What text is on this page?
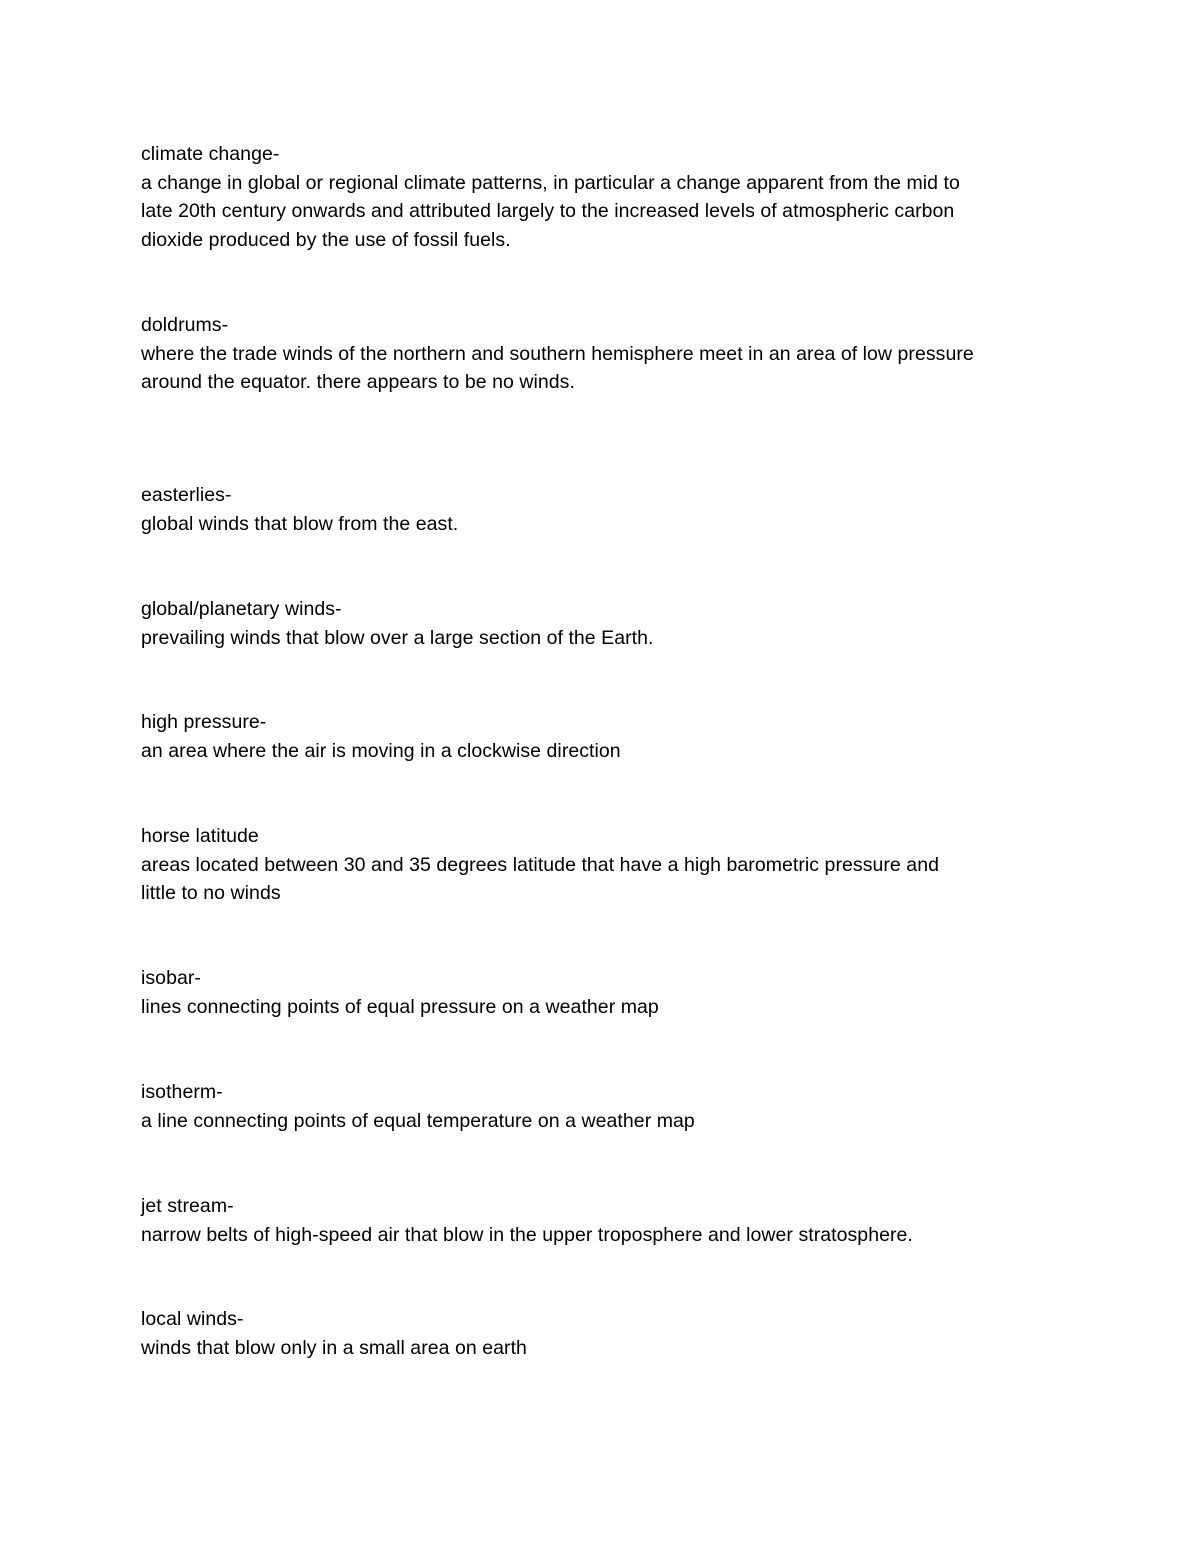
climate change-
a change in global or regional climate patterns, in particular a change apparent from the mid to
late 20th century onwards and attributed largely to the increased levels of atmospheric carbon
dioxide produced by the use of fossil fuels.
doldrums-
where the trade winds of the northern and southern hemisphere meet in an area of low pressure
around the equator. there appears to be no winds.
easterlies-
global winds that blow from the east.
global/planetary winds-
prevailing winds that blow over a large section of the Earth.
high pressure-
an area where the air is moving in a clockwise direction
horse latitude
areas located between 30 and 35 degrees latitude that have a high barometric pressure and
little to no winds
isobar-
lines connecting points of equal pressure on a weather map
isotherm-
a line connecting points of equal temperature on a weather map
jet stream-
narrow belts of high-speed air that blow in the upper troposphere and lower stratosphere.
local winds-
winds that blow only in a small area on earth
